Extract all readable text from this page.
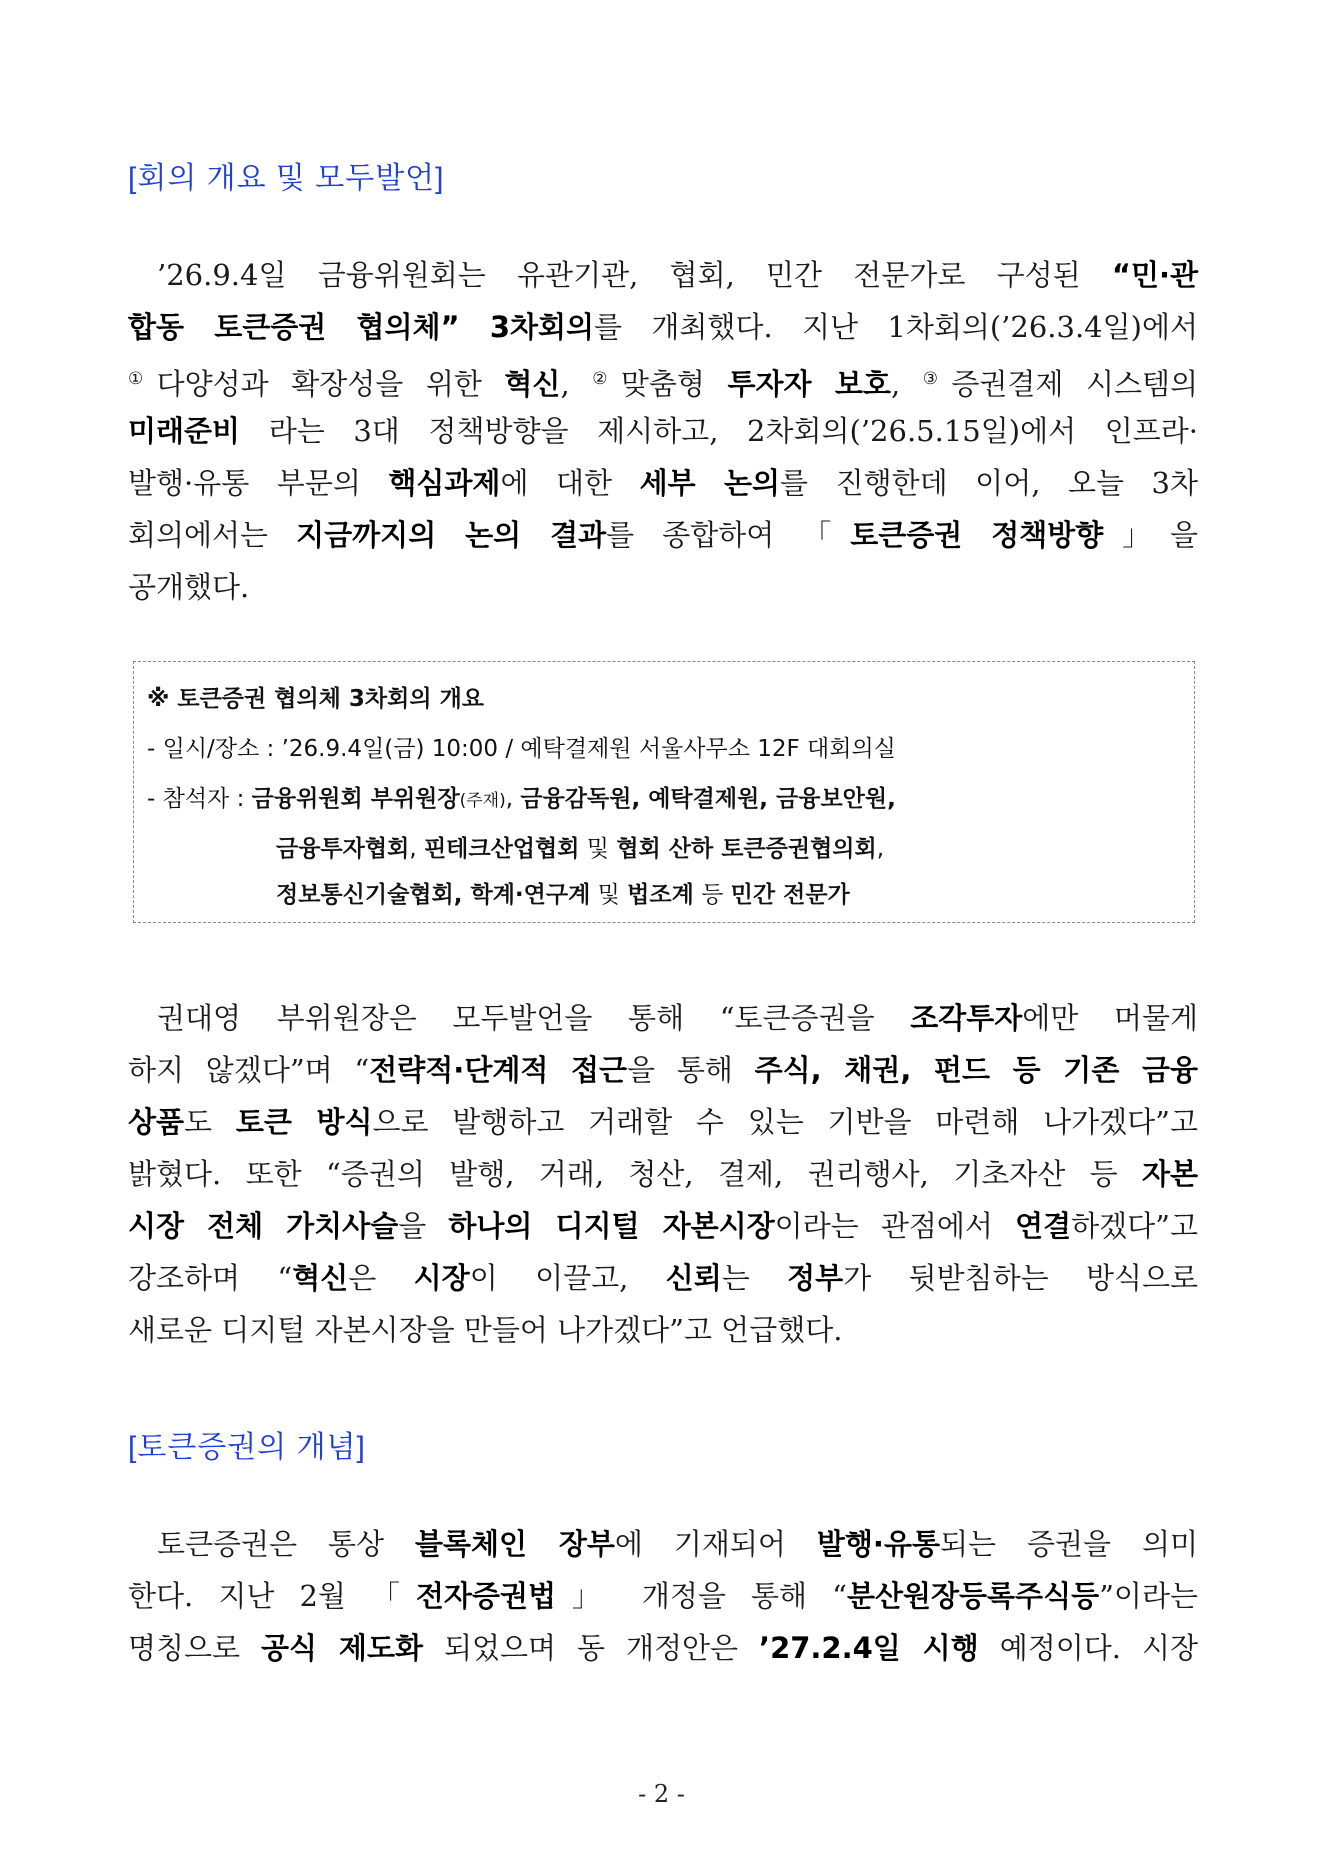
[회의 개요 및 모두발언]
’26.9.4일 금융위원회는 유관기관, 협회, 민간 전문가로 구성된 “민·관
합동 토큰증권 협의체” 3차회의를 개최했다. 지난 1차회의(’26.3.4일)에서
①다양성과 확장성을 위한 혁신, ②맞춤형 투자자 보호, ③증권결제 시스템의
미래준비 라는 3대 정책방향을 제시하고, 2차회의(’26.5.15일)에서 인프라·
발행·유통 부문의 핵심과제에 대한 세부 논의를 진행한데 이어, 오늘 3차
회의에서는 지금까지의 논의 결과를 종합하여 「토큰증권 정책방향」을
공개했다.
※ 토큰증권 협의체 3차회의 개요
- 일시/장소 : ’26.9.4일(금) 10:00 / 예탁결제원 서울사무소 12F 대회의실
- 참석자 : 금융위원회 부위원장(주재), 금융감독원, 예탁결제원, 금융보안원,
금융투자협회, 핀테크산업협회 및 협회 산하 토큰증권협의회,
정보통신기술협회, 학계·연구계 및 법조계 등 민간 전문가
권대영 부위원장은 모두발언을 통해 “토큰증권을 조각투자에만 머물게
하지 않겠다”며 “전략적·단계적 접근을 통해 주식, 채권, 펀드 등 기존 금융
상품도 토큰 방식으로 발행하고 거래할 수 있는 기반을 마련해 나가겠다”고
밝혔다. 또한 “증권의 발행, 거래, 청산, 결제, 권리행사, 기초자산 등 자본
시장 전체 가치사슬을 하나의 디지털 자본시장이라는 관점에서 연결하겠다”고
강조하며 “혁신은 시장이 이끌고, 신뢰는 정부가 뒷받침하는 방식으로
새로운 디지털 자본시장을 만들어 나가겠다”고 언급했다.
[토큰증권의 개념]
토큰증권은 통상 블록체인 장부에 기재되어 발행·유통되는 증권을 의미
한다. 지난 2월 「전자증권법」 개정을 통해 “분산원장등록주식등”이라는
명칭으로 공식 제도화 되었으며 동 개정안은 ’27.2.4일 시행 예정이다. 시장
- 2 -
